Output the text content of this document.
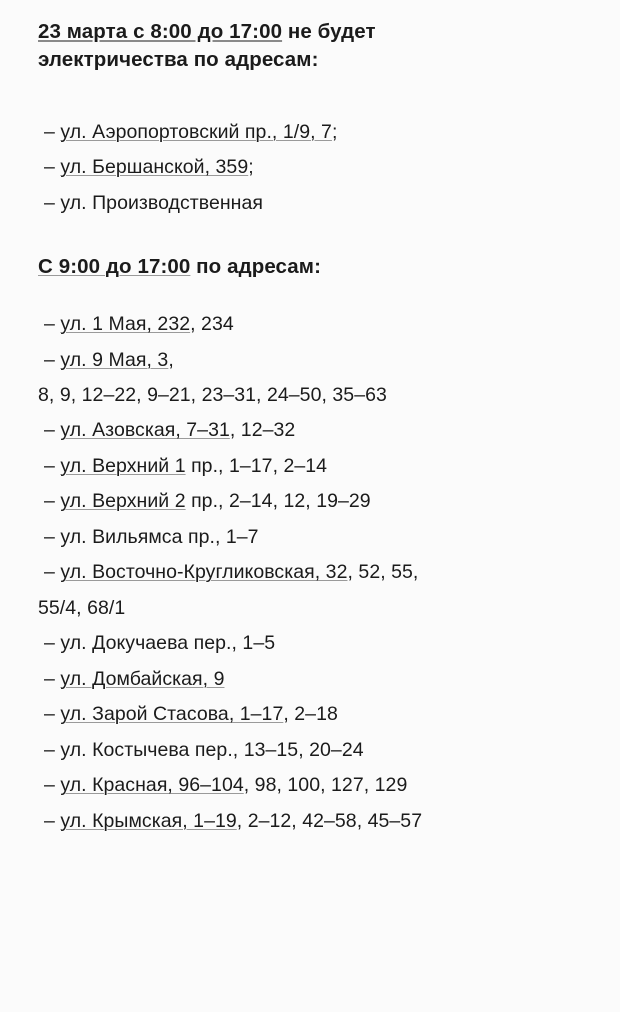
23 марта с 8:00 до 17:00 не будет
электричества по адресам:
– ул. Аэропортовский пр., 1/9, 7;
– ул. Бершанской, 359;
– ул. Производственная
С 9:00 до 17:00 по адресам:
– ул. 1 Мая, 232, 234
– ул. 9 Мая, 3,
8, 9, 12–22, 9–21, 23–31, 24–50, 35–63
– ул. Азовская, 7–31, 12–32
– ул. Верхний 1 пр., 1–17, 2–14
– ул. Верхний 2 пр., 2–14, 12, 19–29
– ул. Вильямса пр., 1–7
– ул. Восточно-Кругликовская, 32, 52, 55,
55/4, 68/1
– ул. Докучаева пер., 1–5
– ул. Домбайская, 9
– ул. Зарой Стасова, 1–17, 2–18
– ул. Костычева пер., 13–15, 20–24
– ул. Красная, 96–104, 98, 100, 127, 129
– ул. Крымская, 1–19, 2–12, 42–58, 45–57
